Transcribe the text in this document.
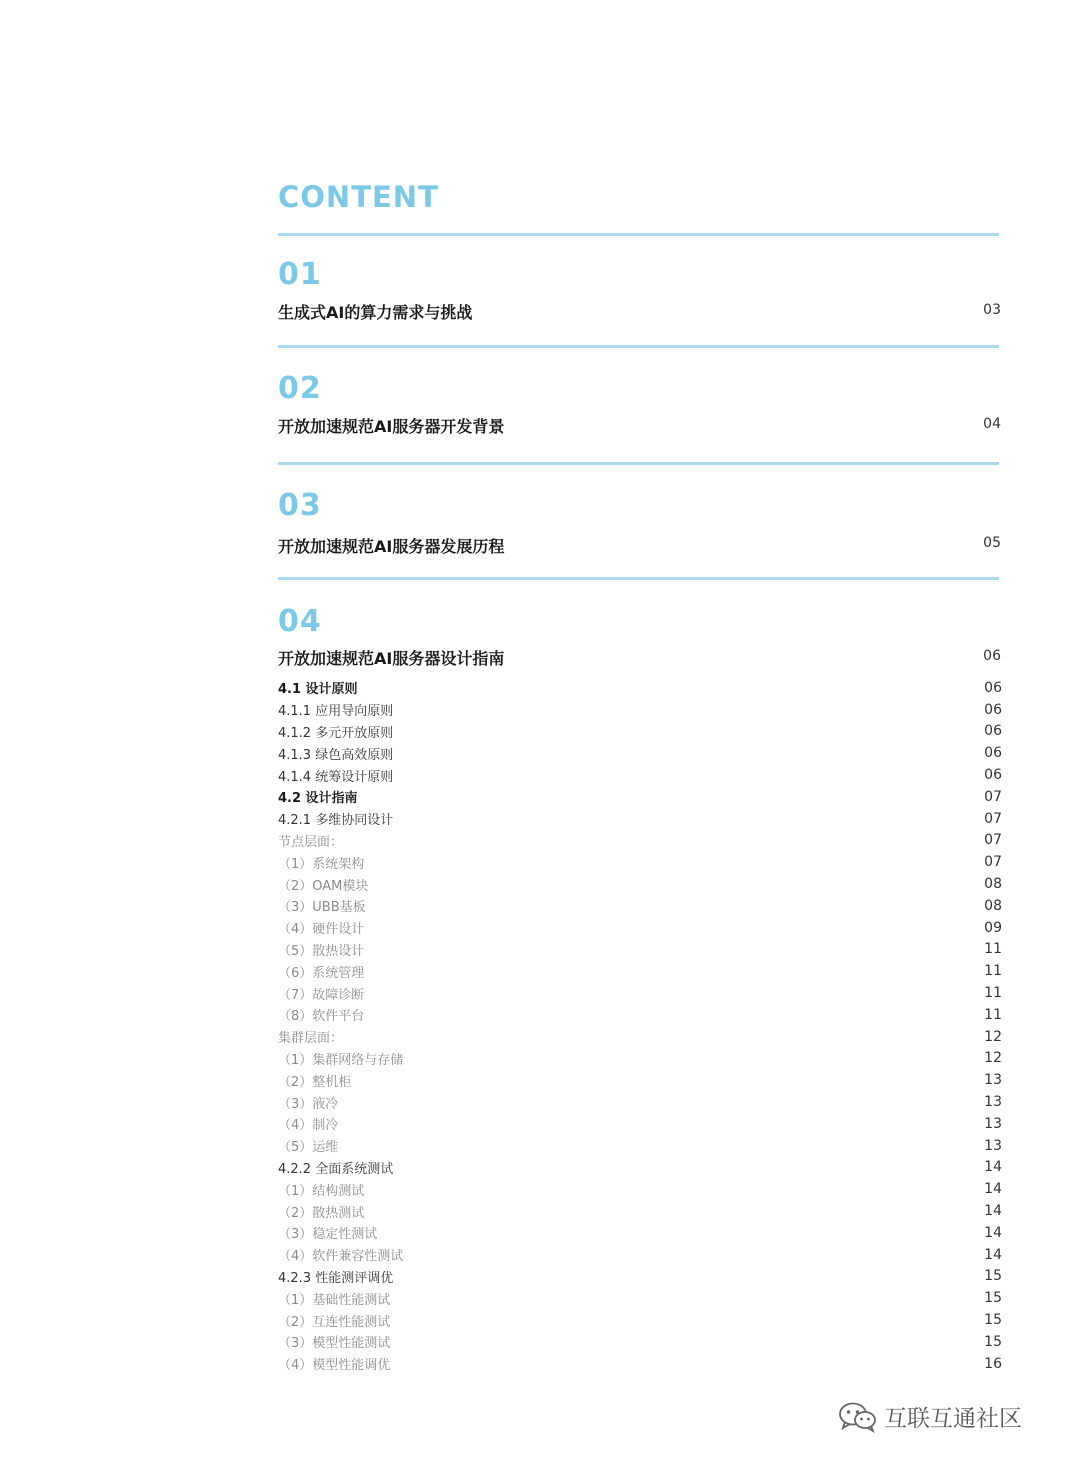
CONTENT
01
生成式AI的算力需求与挑战	03
02
开放加速规范AI服务器开发背景	04
03
开放加速规范AI服务器发展历程	05
04
开放加速规范AI服务器设计指南	06
4.1 设计原则	06
4.1.1 应用导向原则	06
4.1.2 多元开放原则	06
4.1.3 绿色高效原则	06
4.1.4 统筹设计原则	06
4.2 设计指南	07
4.2.1 多维协同设计	07
节点层面：	07
（1）系统架构	07
（2）OAM模块	08
（3）UBB基板	08
（4）硬件设计	09
（5）散热设计	11
（6）系统管理	11
（7）故障诊断	11
（8）软件平台	11
集群层面：	12
（1）集群网络与存储	12
（2）整机柜	13
（3）液冷	13
（4）制冷	13
（5）运维	13
4.2.2 全面系统测试	14
（1）结构测试	14
（2）散热测试	14
（3）稳定性测试	14
（4）软件兼容性测试	14
4.2.3 性能测评调优	15
（1）基础性能测试	15
（2）互连性能测试	15
（3）模型性能测试	15
（4）模型性能调优	16
互联互通社区
